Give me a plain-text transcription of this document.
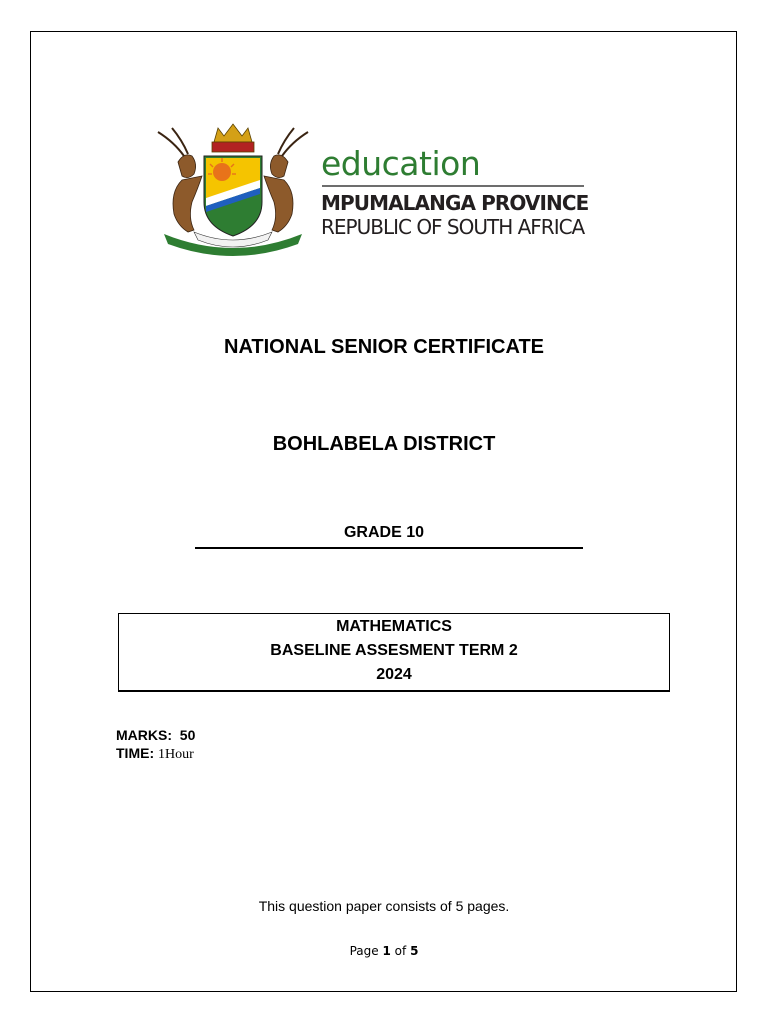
education
MPUMALANGA PROVINCE
REPUBLIC OF SOUTH AFRICA
NATIONAL SENIOR CERTIFICATE
BOHLABELA DISTRICT
GRADE 10
MATHEMATICS
BASELINE ASSESMENT TERM 2
2024
MARKS: 50
TIME: 1Hour
This question paper consists of 5 pages.
Page 1 of 5
